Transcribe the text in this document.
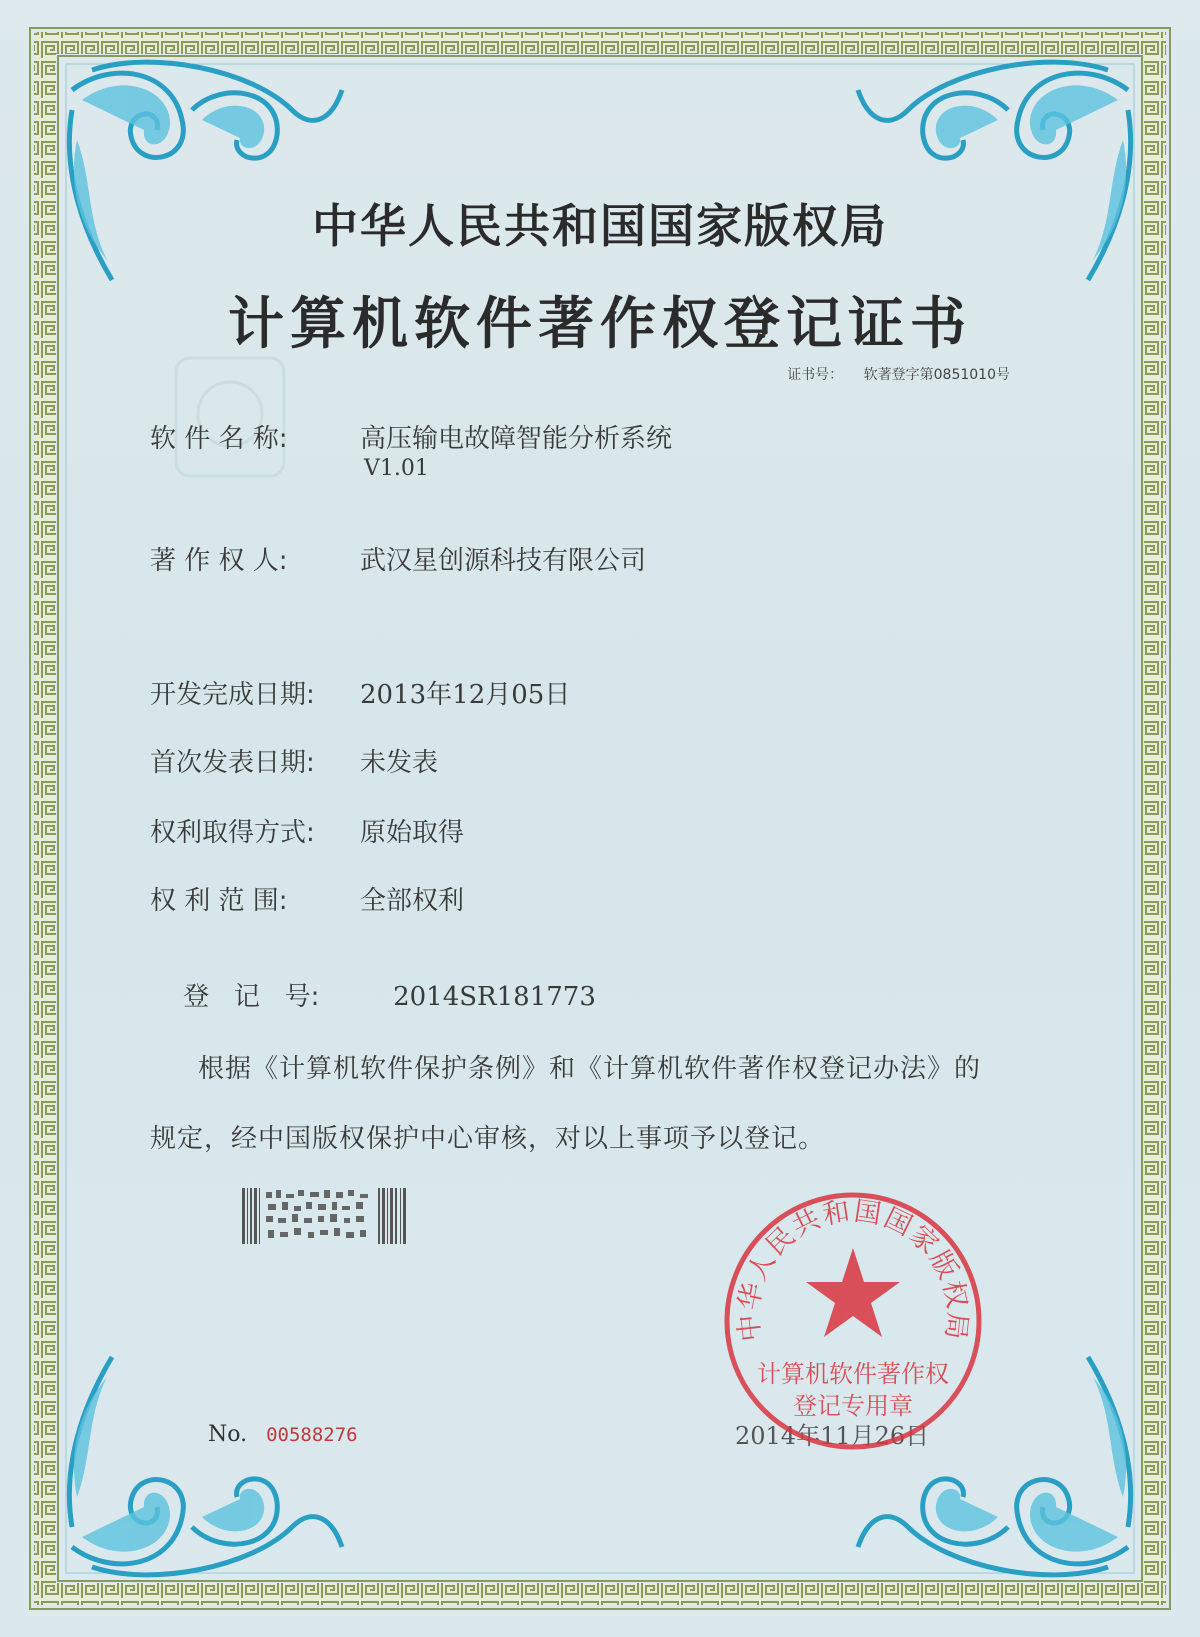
中华人民共和国国家版权局
计算机软件著作权登记证书
证书号： 软著登字第0851010号
软 件 名 称:	高压输电故障智能分析系统
V1.01
著 作 权 人:	武汉星创源科技有限公司
开发完成日期: 2013年12月05日
首次发表日期: 未发表
权利取得方式: 原始取得
权 利 范 围:	全部权利

登   记   号:	2014SR181773

根据《计算机软件保护条例》和《计算机软件著作权登记办法》的
规定，经中国版权保护中心审核，对以上事项予以登记。
No. 00588276	2014年11月26日
中华人民共和国国家版权局
计算机软件著作权
登记专用章
